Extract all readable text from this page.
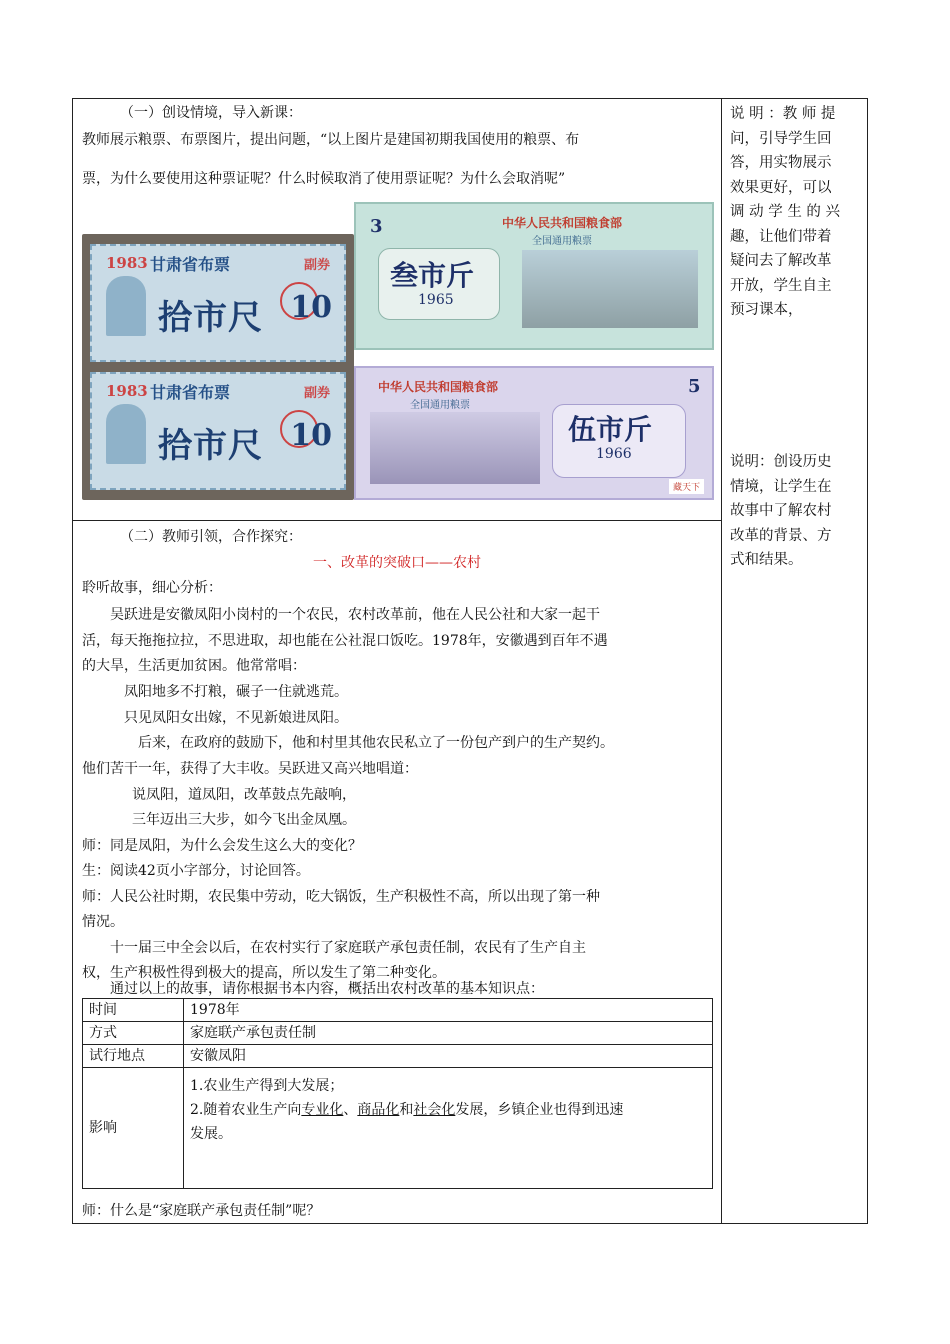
（一）创设情境，导入新课：
教师展示粮票、布票图片，提出问题，“以上图片是建国初期我国使用的粮票、布
票，为什么要使用这种票证呢？什么时候取消了使用票证呢？为什么会取消呢”
1983 甘肃省布票
拾市尺
副券
10
1983 甘肃省布票
拾市尺
副券
10
3	中华人民共和国粮食部
全国通用粮票
叁市斤
1965
中华人民共和国粮食部
全国通用粮票
5
伍市斤
1966
藏天下
说 明 ：教 师 提
问，引导学生回
答，用实物展示
效果更好，可以
调 动 学 生 的 兴
趣，让他们带着
疑问去了解改革
开放，学生自主
预习课本，
说明：创设历史
情境，让学生在
故事中了解农村
改革的背景、方
式和结果。
（二）教师引领，合作探究：
一、改革的突破口——农村
聆听故事，细心分析：
吴跃进是安徽凤阳小岗村的一个农民，农村改革前，他在人民公社和大家一起干
活，每天拖拖拉拉，不思进取，却也能在公社混口饭吃。1978年，安徽遇到百年不遇
的大旱，生活更加贫困。他常常唱：
凤阳地多不打粮，碾子一住就逃荒。
只见凤阳女出嫁，不见新娘进凤阳。
后来，在政府的鼓励下，他和村里其他农民私立了一份包产到户的生产契约。
他们苦干一年，获得了大丰收。吴跃进又高兴地唱道：
说凤阳，道凤阳，改革鼓点先敲响，
三年迈出三大步，如今飞出金凤凰。
师：同是凤阳，为什么会发生这么大的变化？
生：阅读42页小字部分，讨论回答。
师：人民公社时期，农民集中劳动，吃大锅饭，生产积极性不高，所以出现了第一种
情况。
十一届三中全会以后，在农村实行了家庭联产承包责任制，农民有了生产自主
权，生产积极性得到极大的提高，所以发生了第二种变化。
通过以上的故事，请你根据书本内容，概括出农村改革的基本知识点：
时间	1978年
方式	家庭联产承包责任制
试行地点	安徽凤阳
影响	1.农业生产得到大发展；
2.随着农业生产向专业化、商品化和社会化发展，乡镇企业也得到迅速
发展。
师：什么是“家庭联产承包责任制”呢？
